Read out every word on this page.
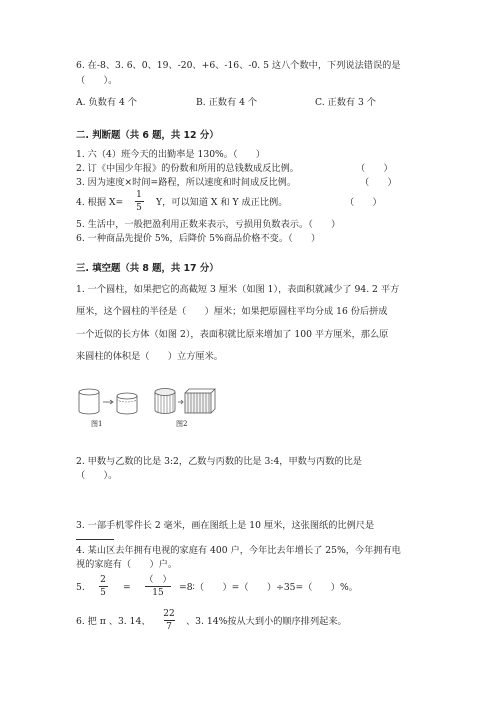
6. 在-8、3. 6、0、19、-20、+6、-16、-0. 5 这八个数中，下列说法错误的是
（　　）。
A. 负数有 4 个	B. 正数有 4 个	C. 正数有 3 个
二. 判断题（共 6 题，共 12 分）
1. 六（4）班今天的出勤率是 130%。（　　）
2. 订《中国少年报》的份数和所用的总钱数成反比例。	（　　）
3. 因为速度×时间=路程，所以速度和时间成反比例。	（　　）
4. 根据 X=
1
5	Y，可以知道 X 和 Y 成正比例。	（　　）
5. 生活中，一般把盈利用正数来表示，亏损用负数表示。（　　）
6. 一种商品先提价 5%，后降价 5%商品价格不变。（　　）
三. 填空题（共 8 题，共 17 分）
1. 一个圆柱，如果把它的高截短 3 厘米（如图 1），表面积就减少了 94. 2 平方
厘米，这个圆柱的半径是（　　）厘米；如果把原圆柱平均分成 16 份后拼成
一个近似的长方体（如图 2），表面积就比原来增加了 100 平方厘米，那么原
来圆柱的体积是（　　）立方厘米。
图1	图2
2. 甲数与乙数的比是 3:2，乙数与丙数的比是 3:4，甲数与丙数的比是
（　　）。
3. 一部手机零件长 2 毫米，画在图纸上是 10 厘米，这张图纸的比例尺是
4. 某山区去年拥有电视的家庭有 400 户，今年比去年增长了 25%，今年拥有电
视的家庭有（　　）户。
5.
2
5	=
（　）
15	=8∶（　　）=（　　）÷35=（　　）%。
6. 把 π 、3. 14、
22
7	、3. 14%按从大到小的顺序排列起来。
